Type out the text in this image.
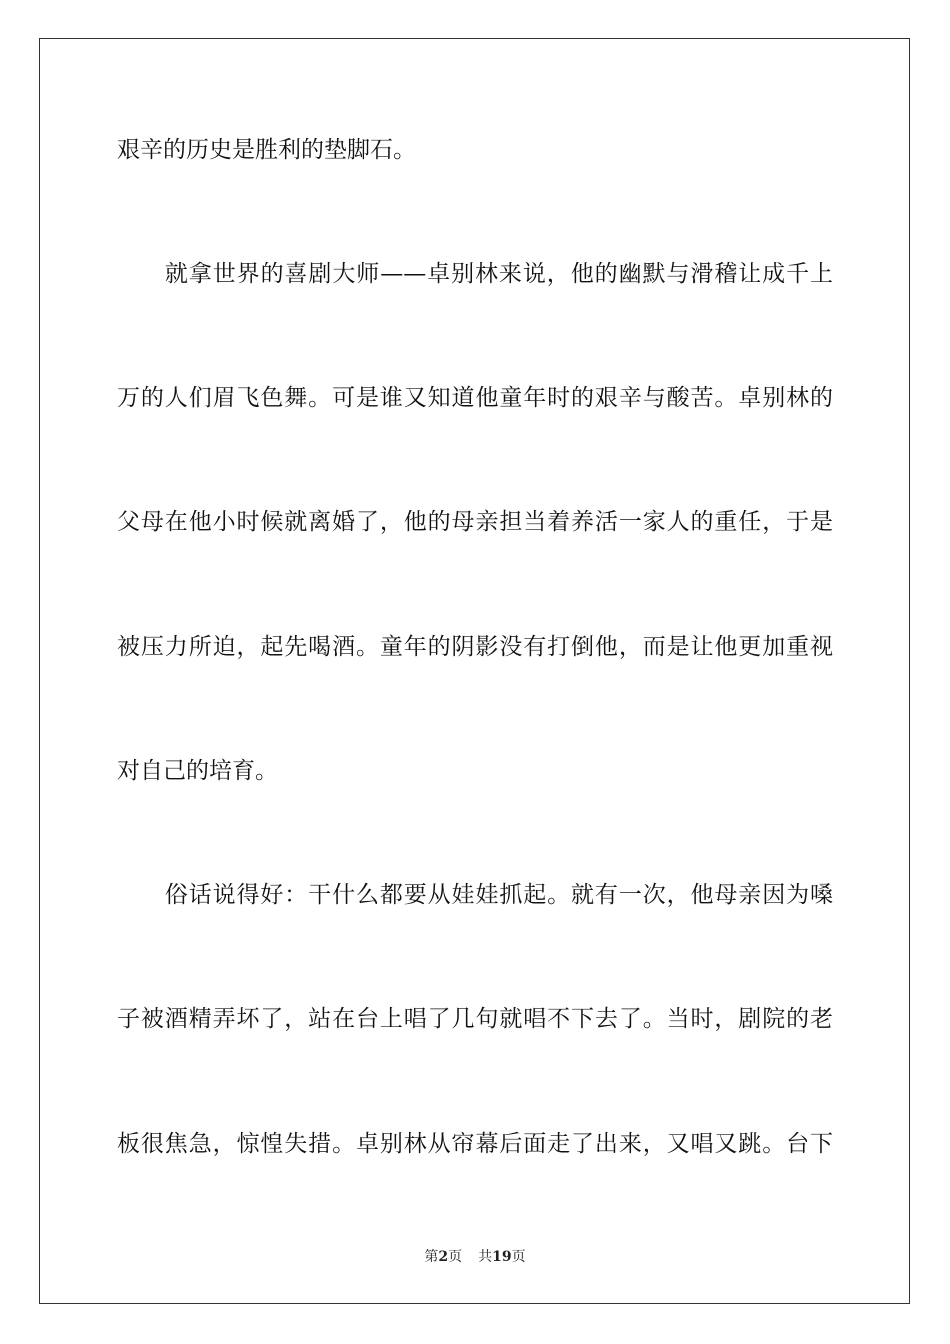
艰辛的历史是胜利的垫脚石。
　　就拿世界的喜剧大师——卓别林来说，他的幽默与滑稽让成千上
万的人们眉飞色舞。可是谁又知道他童年时的艰辛与酸苦。卓别林的
父母在他小时候就离婚了，他的母亲担当着养活一家人的重任，于是
被压力所迫，起先喝酒。童年的阴影没有打倒他，而是让他更加重视
对自己的培育。
　　俗话说得好：干什么都要从娃娃抓起。就有一次，他母亲因为嗓
子被酒精弄坏了，站在台上唱了几句就唱不下去了。当时，剧院的老
板很焦急，惊惶失措。卓别林从帘幕后面走了出来，又唱又跳。台下
第2页 共19页
